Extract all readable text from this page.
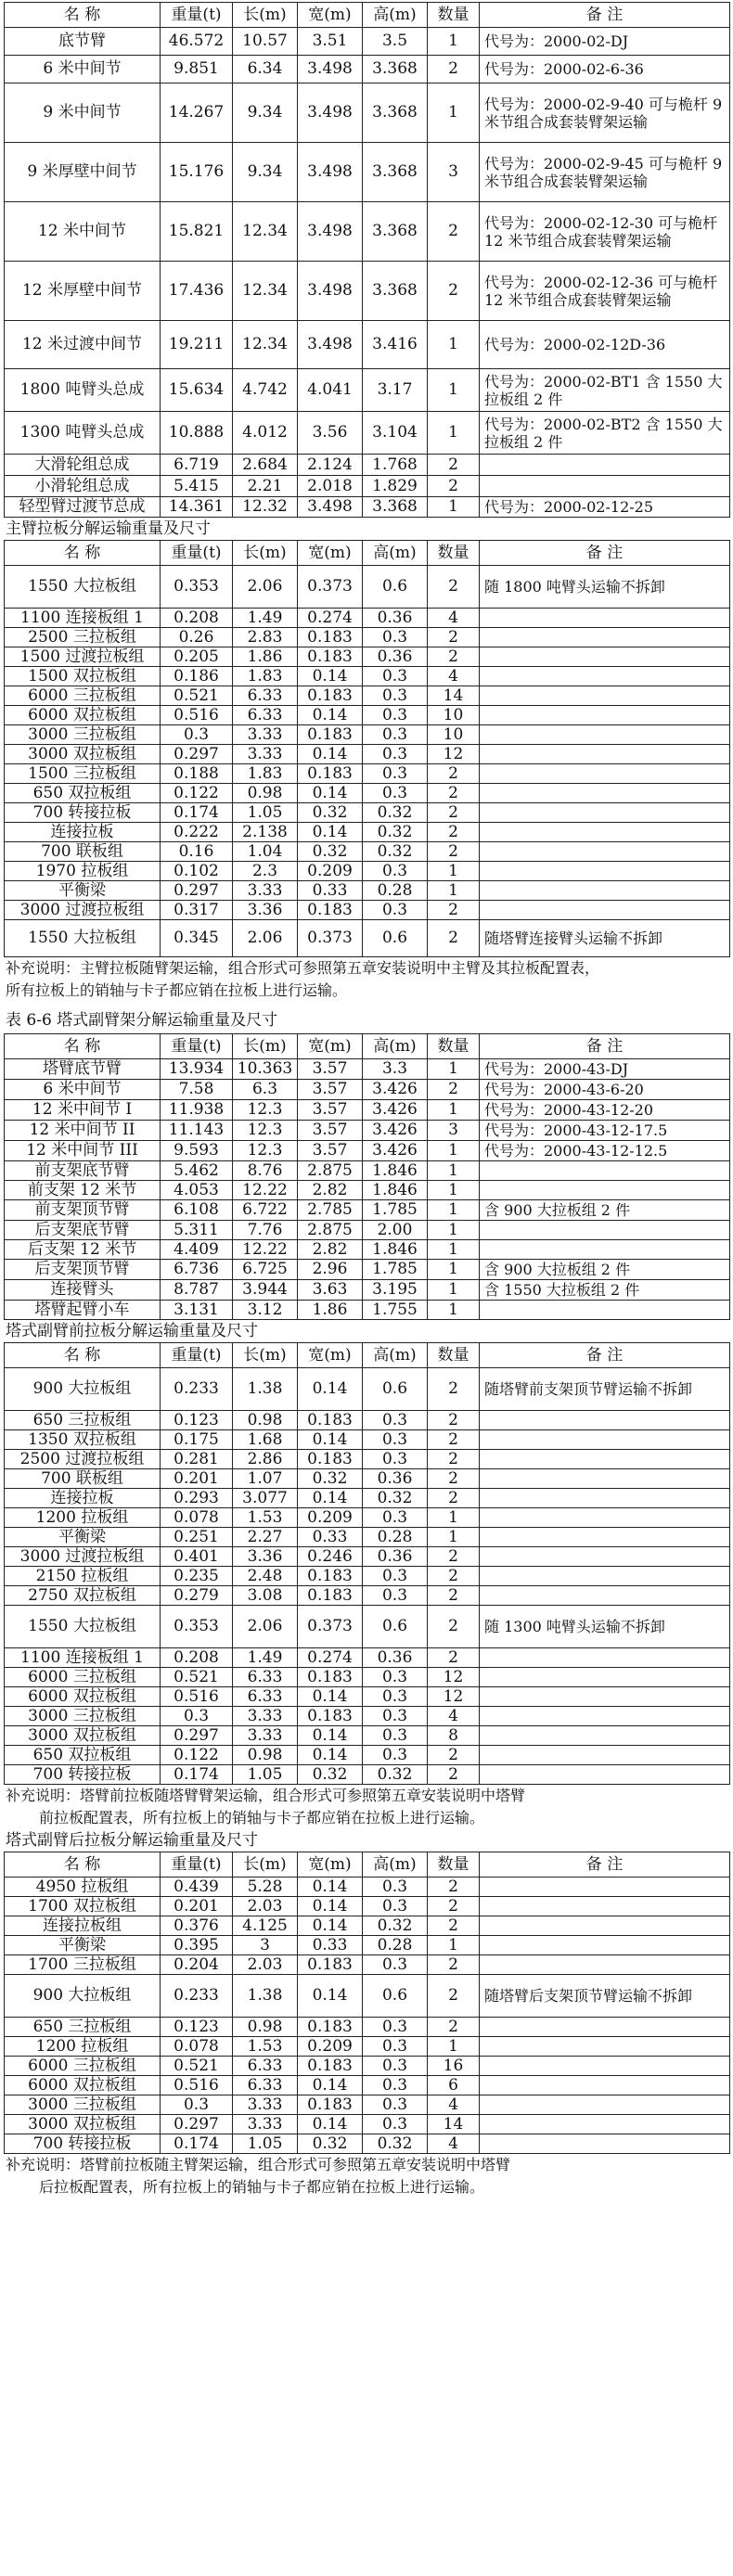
名 称	重量(t)	长(m)	宽(m)	高(m)	数量	备 注
底节臂	46.572	10.57	3.51	3.5	1	代号为：2000-02-DJ
6 米中间节	9.851	6.34	3.498	3.368	2	代号为：2000-02-6-36
9 米中间节	14.267	9.34	3.498	3.368	1	代号为：2000-02-9-40 可与桅杆 9 米节组合成套装臂架运输
9 米厚壁中间节	15.176	9.34	3.498	3.368	3	代号为：2000-02-9-45 可与桅杆 9 米节组合成套装臂架运输
12 米中间节	15.821	12.34	3.498	3.368	2	代号为：2000-02-12-30 可与桅杆 12 米节组合成套装臂架运输
12 米厚壁中间节	17.436	12.34	3.498	3.368	2	代号为：2000-02-12-36 可与桅杆 12 米节组合成套装臂架运输
12 米过渡中间节	19.211	12.34	3.498	3.416	1	代号为：2000-02-12D-36
1800 吨臂头总成	15.634	4.742	4.041	3.17	1	代号为：2000-02-BT1 含 1550 大拉板组 2 件
1300 吨臂头总成	10.888	4.012	3.56	3.104	1	代号为：2000-02-BT2 含 1550 大拉板组 2 件
大滑轮组总成	6.719	2.684	2.124	1.768	2	
小滑轮组总成	5.415	2.21	2.018	1.829	2	
轻型臂过渡节总成	14.361	12.32	3.498	3.368	1	代号为：2000-02-12-25
主臂拉板分解运输重量及尺寸
名 称	重量(t)	长(m)	宽(m)	高(m)	数量	备 注
1550 大拉板组	0.353	2.06	0.373	0.6	2	随 1800 吨臂头运输不拆卸
1100 连接板组 1	0.208	1.49	0.274	0.36	4	
2500 三拉板组	0.26	2.83	0.183	0.3	2	
1500 过渡拉板组	0.205	1.86	0.183	0.36	2	
1500 双拉板组	0.186	1.83	0.14	0.3	4	
6000 三拉板组	0.521	6.33	0.183	0.3	14	
6000 双拉板组	0.516	6.33	0.14	0.3	10	
3000 三拉板组	0.3	3.33	0.183	0.3	10	
3000 双拉板组	0.297	3.33	0.14	0.3	12	
1500 三拉板组	0.188	1.83	0.183	0.3	2	
650 双拉板组	0.122	0.98	0.14	0.3	2	
700 转接拉板	0.174	1.05	0.32	0.32	2	
连接拉板	0.222	2.138	0.14	0.32	2	
700 联板组	0.16	1.04	0.32	0.32	2	
1970 拉板组	0.102	2.3	0.209	0.3	1	
平衡梁	0.297	3.33	0.33	0.28	1	
3000 过渡拉板组	0.317	3.36	0.183	0.3	2	
1550 大拉板组	0.345	2.06	0.373	0.6	2	随塔臂连接臂头运输不拆卸
补充说明：主臂拉板随臂架运输，组合形式可参照第五章安装说明中主臂及其拉板配置表，
所有拉板上的销轴与卡子都应销在拉板上进行运输。
表 6-6 塔式副臂架分解运输重量及尺寸
名 称	重量(t)	长(m)	宽(m)	高(m)	数量	备 注
塔臂底节臂	13.934	10.363	3.57	3.3	1	代号为：2000-43-DJ
6 米中间节	7.58	6.3	3.57	3.426	2	代号为：2000-43-6-20
12 米中间节 I	11.938	12.3	3.57	3.426	1	代号为：2000-43-12-20
12 米中间节 II	11.143	12.3	3.57	3.426	3	代号为：2000-43-12-17.5
12 米中间节 III	9.593	12.3	3.57	3.426	1	代号为：2000-43-12-12.5
前支架底节臂	5.462	8.76	2.875	1.846	1	
前支架 12 米节	4.053	12.22	2.82	1.846	1	
前支架顶节臂	6.108	6.722	2.785	1.785	1	含 900 大拉板组 2 件
后支架底节臂	5.311	7.76	2.875	2.00	1	
后支架 12 米节	4.409	12.22	2.82	1.846	1	
后支架顶节臂	6.736	6.725	2.96	1.785	1	含 900 大拉板组 2 件
连接臂头	8.787	3.944	3.63	3.195	1	含 1550 大拉板组 2 件
塔臂起臂小车	3.131	3.12	1.86	1.755	1	
塔式副臂前拉板分解运输重量及尺寸
名 称	重量(t)	长(m)	宽(m)	高(m)	数量	备 注
900 大拉板组	0.233	1.38	0.14	0.6	2	随塔臂前支架顶节臂运输不拆卸
650 三拉板组	0.123	0.98	0.183	0.3	2	
1350 双拉板组	0.175	1.68	0.14	0.3	2	
2500 过渡拉板组	0.281	2.86	0.183	0.3	2	
700 联板组	0.201	1.07	0.32	0.36	2	
连接拉板	0.293	3.077	0.14	0.32	2	
1200 拉板组	0.078	1.53	0.209	0.3	1	
平衡梁	0.251	2.27	0.33	0.28	1	
3000 过渡拉板组	0.401	3.36	0.246	0.36	2	
2150 拉板组	0.235	2.48	0.183	0.3	2	
2750 双拉板组	0.279	3.08	0.183	0.3	2	
1550 大拉板组	0.353	2.06	0.373	0.6	2	随 1300 吨臂头运输不拆卸
1100 连接板组 1	0.208	1.49	0.274	0.36	2	
6000 三拉板组	0.521	6.33	0.183	0.3	12	
6000 双拉板组	0.516	6.33	0.14	0.3	12	
3000 三拉板组	0.3	3.33	0.183	0.3	4	
3000 双拉板组	0.297	3.33	0.14	0.3	8	
650 双拉板组	0.122	0.98	0.14	0.3	2	
700 转接拉板	0.174	1.05	0.32	0.32	2	
补充说明：塔臂前拉板随塔臂臂架运输，组合形式可参照第五章安装说明中塔臂
前拉板配置表，所有拉板上的销轴与卡子都应销在拉板上进行运输。
塔式副臂后拉板分解运输重量及尺寸
名 称	重量(t)	长(m)	宽(m)	高(m)	数量	备 注
4950 拉板组	0.439	5.28	0.14	0.3	2	
1700 双拉板组	0.201	2.03	0.14	0.3	2	
连接拉板组	0.376	4.125	0.14	0.32	2	
平衡梁	0.395	3	0.33	0.28	1	
1700 三拉板组	0.204	2.03	0.183	0.3	2	
900 大拉板组	0.233	1.38	0.14	0.6	2	随塔臂后支架顶节臂运输不拆卸
650 三拉板组	0.123	0.98	0.183	0.3	2	
1200 拉板组	0.078	1.53	0.209	0.3	1	
6000 三拉板组	0.521	6.33	0.183	0.3	16	
6000 双拉板组	0.516	6.33	0.14	0.3	6	
3000 三拉板组	0.3	3.33	0.183	0.3	4	
3000 双拉板组	0.297	3.33	0.14	0.3	14	
700 转接拉板	0.174	1.05	0.32	0.32	4	
补充说明：塔臂前拉板随主臂架运输，组合形式可参照第五章安装说明中塔臂
后拉板配置表，所有拉板上的销轴与卡子都应销在拉板上进行运输。
